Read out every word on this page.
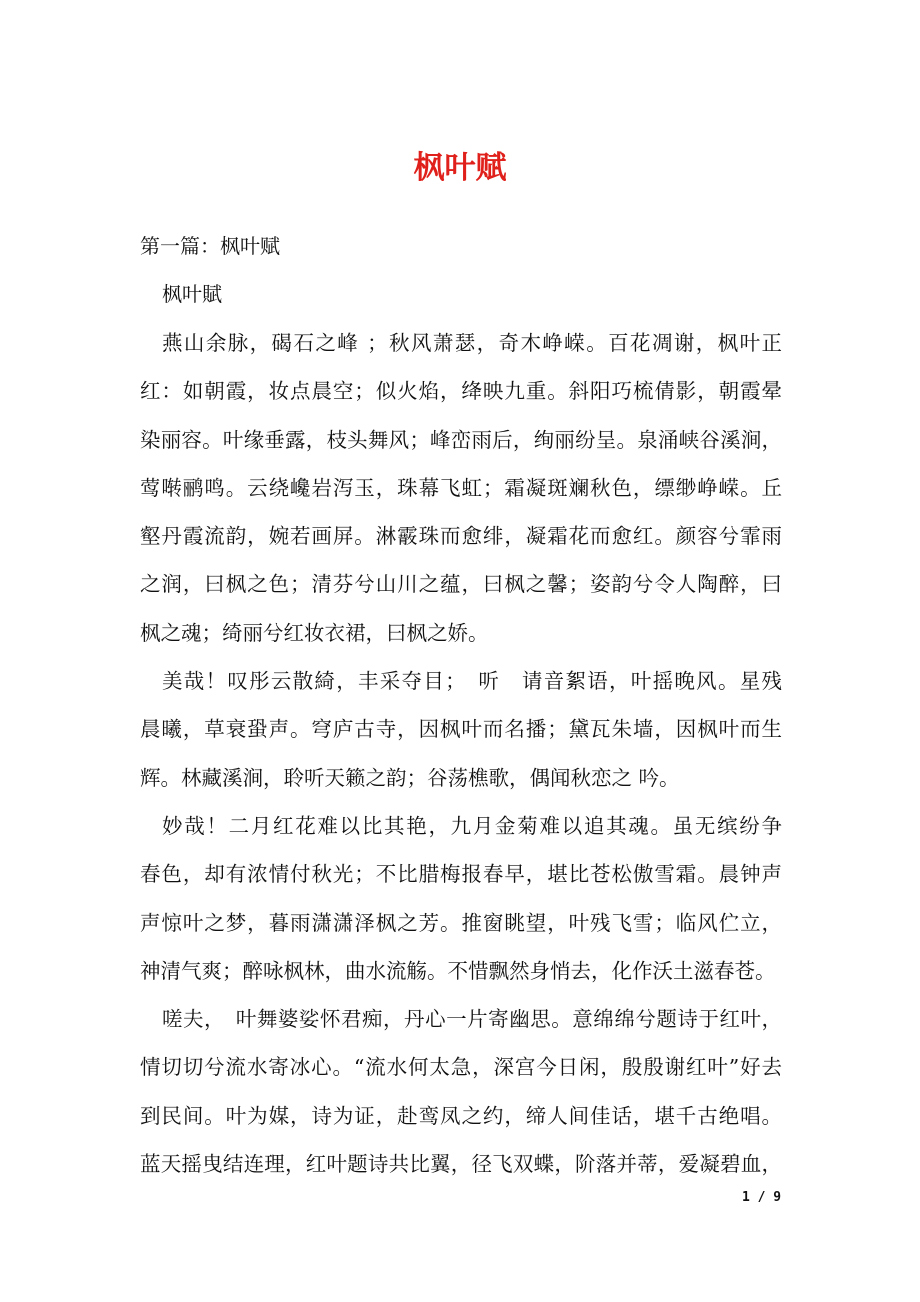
枫叶赋
第一篇：枫叶赋
枫叶賦
燕山余脉，碣石之峰 ；秋风萧瑟，奇木峥嵘。百花凋谢，枫叶正
红：如朝霞，妆点晨空；似火焰，绛映九重。斜阳巧梳倩影，朝霞晕
染丽容。叶缘垂露，枝头舞风；峰峦雨后，绚丽纷呈。泉涌峡谷溪涧，
莺啭鹂鸣。云绕巉岩泻玉，珠幕飞虹；霜凝斑斓秋色，缥缈峥嵘。丘
壑丹霞流韵，婉若画屏。淋霰珠而愈绯，凝霜花而愈红。颜容兮霏雨
之润，曰枫之色；清芬兮山川之蕴，曰枫之馨；姿韵兮令人陶醉，曰
枫之魂；绮丽兮红妆衣裙，曰枫之娇。
美哉！叹彤云散綺，丰采夺目；　听　请音絮语，叶摇晚风。星残
晨曦，草衰蛩声。穹庐古寺，因枫叶而名播；黛瓦朱墙，因枫叶而生
辉。林藏溪涧，聆听天籁之韵；谷荡樵歌，偶闻秋恋之 吟。
妙哉！二月红花难以比其艳，九月金菊难以追其魂。虽无缤纷争
春色，却有浓情付秋光；不比腊梅报春早，堪比苍松傲雪霜。晨钟声
声惊叶之梦，暮雨潇潇泽枫之芳。推窗眺望，叶残飞雪；临风伫立，
神清气爽；醉咏枫林，曲水流觞。不惜飘然身悄去，化作沃土滋春苍。
嗟夫，　叶舞婆娑怀君痴，丹心一片寄幽思。意绵绵兮题诗于红叶，
情切切兮流水寄冰心。“流水何太急，深宫今日闲，殷殷谢红叶”好去
到民间。叶为媒，诗为证，赴鸾凤之约，缔人间佳话，堪千古绝唱。
蓝天摇曳结连理，红叶题诗共比翼，径飞双蝶，阶落并蒂，爱凝碧血，
1 / 9
